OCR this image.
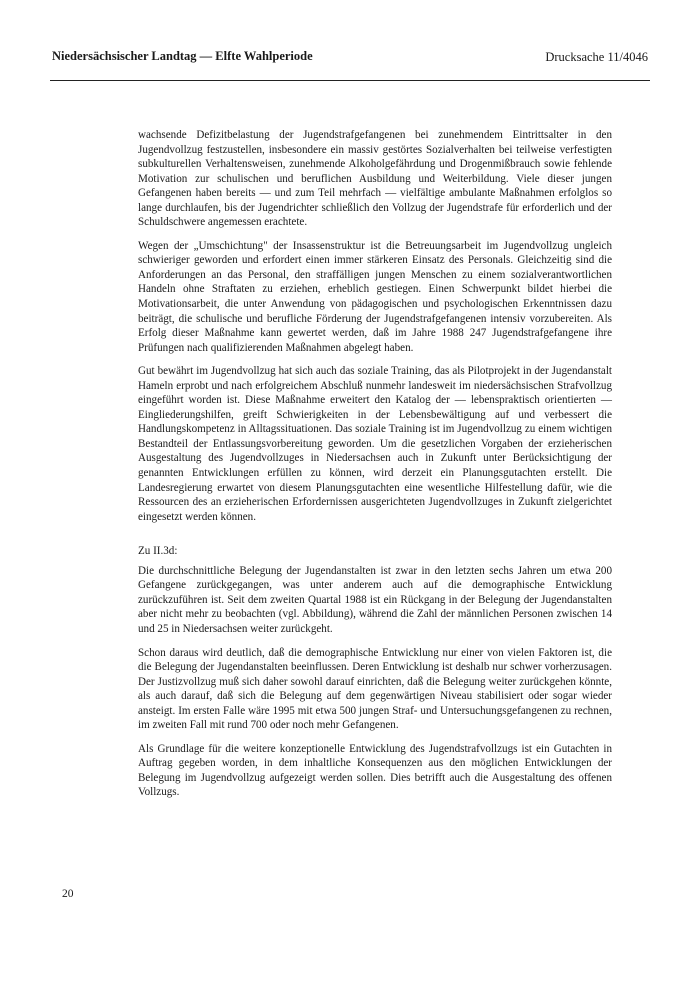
Niedersächsischer Landtag — Elfte Wahlperiode	Drucksache 11/4046

wachsende Defizitbelastung der Jugendstrafgefangenen bei zunehmendem Eintrittsalter in den Jugendvollzug festzustellen, insbesondere ein massiv gestörtes Sozialverhalten bei teilweise verfestigten subkulturellen Verhaltensweisen, zunehmende Alkoholgefährdung und Drogenmißbrauch sowie fehlende Motivation zur schulischen und beruflichen Ausbildung und Weiterbildung. Viele dieser jungen Gefangenen haben bereits — und zum Teil mehrfach — vielfältige ambulante Maßnahmen erfolglos so lange durchlaufen, bis der Jugendrichter schließlich den Vollzug der Jugendstrafe für erforderlich und der Schuldschwere angemessen erachtete.

Wegen der „Umschichtung" der Insassenstruktur ist die Betreuungsarbeit im Jugendvollzug ungleich schwieriger geworden und erfordert einen immer stärkeren Einsatz des Personals. Gleichzeitig sind die Anforderungen an das Personal, den straffälligen jungen Menschen zu einem sozialverantwortlichen Handeln ohne Straftaten zu erziehen, erheblich gestiegen. Einen Schwerpunkt bildet hierbei die Motivationsarbeit, die unter Anwendung von pädagogischen und psychologischen Erkenntnissen dazu beiträgt, die schulische und berufliche Förderung der Jugendstrafgefangenen intensiv vorzubereiten. Als Erfolg dieser Maßnahme kann gewertet werden, daß im Jahre 1988 247 Jugendstrafgefangene ihre Prüfungen nach qualifizierenden Maßnahmen abgelegt haben.

Gut bewährt im Jugendvollzug hat sich auch das soziale Training, das als Pilotprojekt in der Jugendanstalt Hameln erprobt und nach erfolgreichem Abschluß nunmehr landesweit im niedersächsischen Strafvollzug eingeführt worden ist. Diese Maßnahme erweitert den Katalog der — lebenspraktisch orientierten — Eingliederungshilfen, greift Schwierigkeiten in der Lebensbewältigung auf und verbessert die Handlungskompetenz in Alltagssituationen. Das soziale Training ist im Jugendvollzug zu einem wichtigen Bestandteil der Entlassungsvorbereitung geworden. Um die gesetzlichen Vorgaben der erzieherischen Ausgestaltung des Jugendvollzuges in Niedersachsen auch in Zukunft unter Berücksichtigung der genannten Entwicklungen erfüllen zu können, wird derzeit ein Planungsgutachten erstellt. Die Landesregierung erwartet von diesem Planungsgutachten eine wesentliche Hilfestellung dafür, wie die Ressourcen des an erzieherischen Erfordernissen ausgerichteten Jugendvollzuges in Zukunft zielgerichtet eingesetzt werden können.

Zu II.3d:

Die durchschnittliche Belegung der Jugendanstalten ist zwar in den letzten sechs Jahren um etwa 200 Gefangene zurückgegangen, was unter anderem auch auf die demographische Entwicklung zurückzuführen ist. Seit dem zweiten Quartal 1988 ist ein Rückgang in der Belegung der Jugendanstalten aber nicht mehr zu beobachten (vgl. Abbildung), während die Zahl der männlichen Personen zwischen 14 und 25 in Niedersachsen weiter zurückgeht.

Schon daraus wird deutlich, daß die demographische Entwicklung nur einer von vielen Faktoren ist, die die Belegung der Jugendanstalten beeinflussen. Deren Entwicklung ist deshalb nur schwer vorherzusagen. Der Justizvollzug muß sich daher sowohl darauf einrichten, daß die Belegung weiter zurückgehen könnte, als auch darauf, daß sich die Belegung auf dem gegenwärtigen Niveau stabilisiert oder sogar wieder ansteigt. Im ersten Falle wäre 1995 mit etwa 500 jungen Straf- und Untersuchungsgefangenen zu rechnen, im zweiten Fall mit rund 700 oder noch mehr Gefangenen.

Als Grundlage für die weitere konzeptionelle Entwicklung des Jugendstrafvollzugs ist ein Gutachten in Auftrag gegeben worden, in dem inhaltliche Konsequenzen aus den möglichen Entwicklungen der Belegung im Jugendvollzug aufgezeigt werden sollen. Dies betrifft auch die Ausgestaltung des offenen Vollzugs.

20
